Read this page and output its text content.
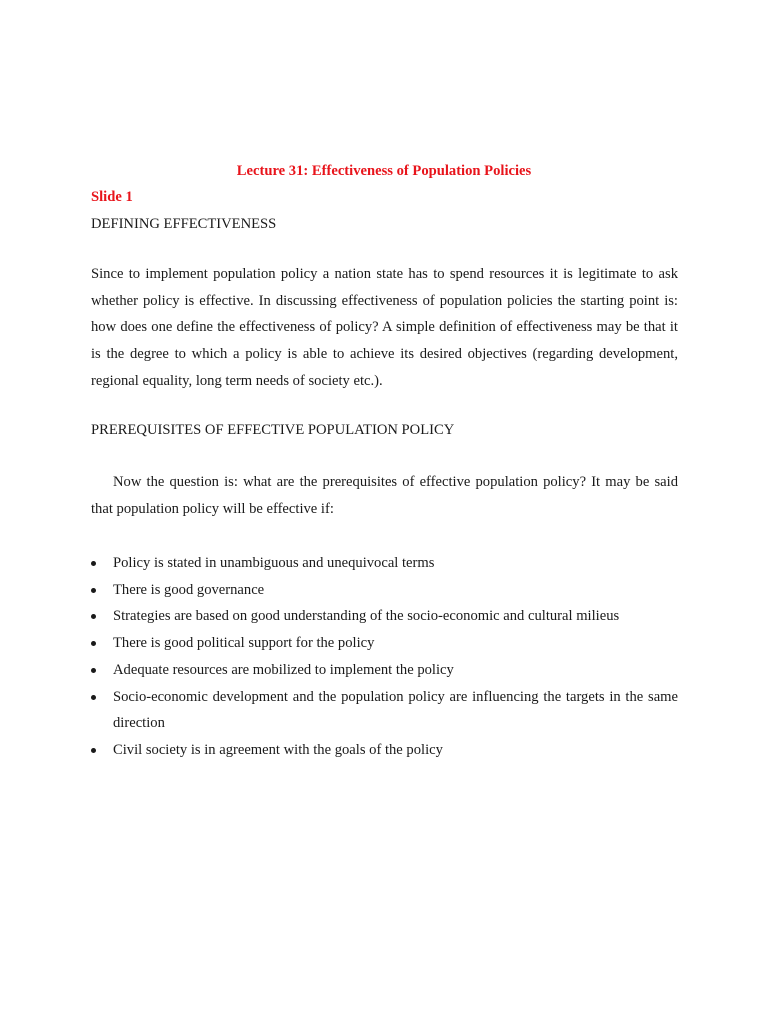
Lecture 31: Effectiveness of Population Policies
Slide 1
DEFINING EFFECTIVENESS

Since to implement population policy a nation state has to spend resources it is legitimate to ask whether policy is effective. In discussing effectiveness of population policies the starting point is: how does one define the effectiveness of policy? A simple definition of effectiveness may be that it is the degree to which a policy is able to achieve its desired objectives (regarding development, regional equality, long term needs of society etc.).

PREREQUISITES OF EFFECTIVE POPULATION POLICY

Now the question is: what are the prerequisites of effective population policy? It may be said that population policy will be effective if:

Policy is stated in unambiguous and unequivocal terms
There is good governance
Strategies are based on good understanding of the socio-economic and cultural milieus
There is good political support for the policy
Adequate resources are mobilized to implement the policy
Socio-economic development and the population policy are influencing the targets in the same direction
Civil society is in agreement with the goals of the policy
